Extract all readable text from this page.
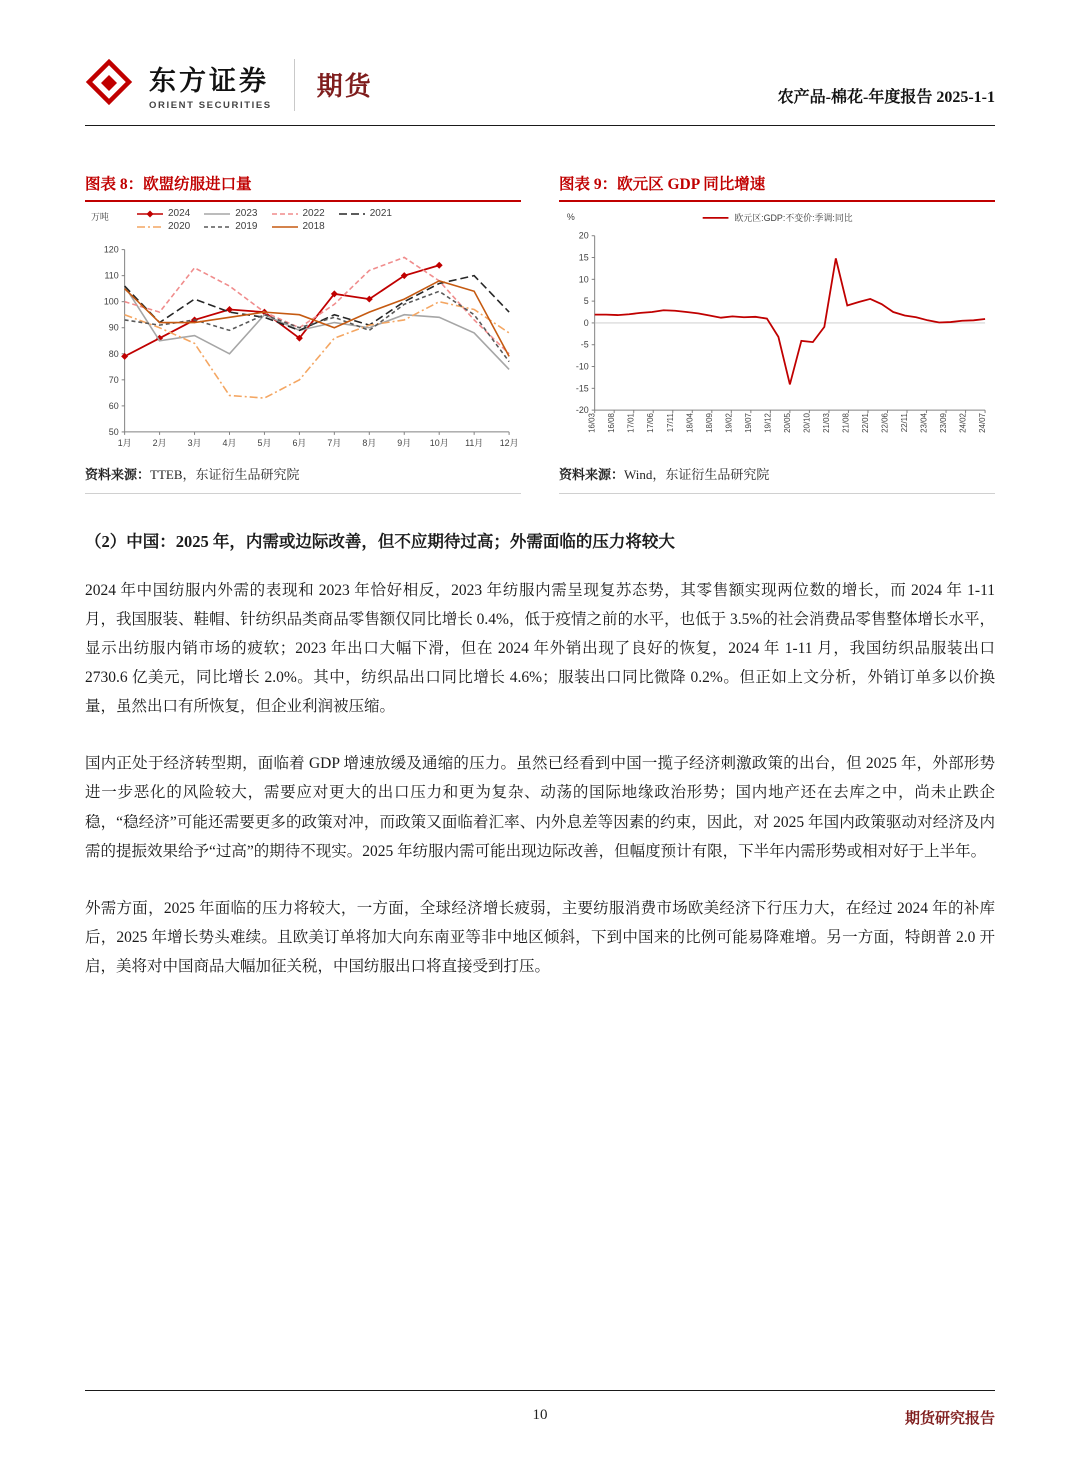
东方证券
ORIENT SECURITIES
期货	农产品-棉花-年度报告 2025-1-1
图表 8：欧盟纺服进口量
50
60
70
80
90
100
110
120
1月 2月 3月 4月 5月 6月 7月 8月 9月 10月 11月 12月
万吨	2024	2023	2022	2021
2020	2019	2018
资料来源：TTEB，东证衍生品研究院
图表 9：欧元区 GDP 同比增速
-20
-15
-10
-5
0
5
10
15
20
%
16/03 16/08 17/01 17/06 17/11 18/04 18/09 19/02 19/07 19/12 20/05 20/10 21/03 21/08 22/01 22/06 22/11 23/04 23/09 24/02 24/07
欧元区:GDP:不变价:季调:同比
资料来源：Wind，东证衍生品研究院
（2）中国：2025 年，内需或边际改善，但不应期待过高；外需面临的压力将较大

2024 年中国纺服内外需的表现和 2023 年恰好相反，2023 年纺服内需呈现复苏态势，其零售额实现两位数的增长，而 2024 年 1-11 月，我国服装、鞋帽、针纺织品类商品零售额仅同比增长 0.4%，低于疫情之前的水平，也低于 3.5%的社会消费品零售整体增长水平，显示出纺服内销市场的疲软；2023 年出口大幅下滑，但在 2024 年外销出现了良好的恢复，2024 年 1-11 月，我国纺织品服装出口 2730.6 亿美元，同比增长 2.0%。其中，纺织品出口同比增长 4.6%；服装出口同比微降 0.2%。但正如上文分析，外销订单多以价换量，虽然出口有所恢复，但企业利润被压缩。

国内正处于经济转型期，面临着 GDP 增速放缓及通缩的压力。虽然已经看到中国一揽子经济刺激政策的出台，但 2025 年，外部形势进一步恶化的风险较大，需要应对更大的出口压力和更为复杂、动荡的国际地缘政治形势；国内地产还在去库之中，尚未止跌企稳，“稳经济”可能还需要更多的政策对冲，而政策又面临着汇率、内外息差等因素的约束，因此，对 2025 年国内政策驱动对经济及内需的提振效果给予“过高”的期待不现实。2025 年纺服内需可能出现边际改善，但幅度预计有限，下半年内需形势或相对好于上半年。

外需方面，2025 年面临的压力将较大，一方面，全球经济增长疲弱，主要纺服消费市场欧美经济下行压力大，在经过 2024 年的补库后，2025 年增长势头难续。且欧美订单将加大向东南亚等非中地区倾斜，下到中国来的比例可能易降难增。另一方面，特朗普 2.0 开启，美将对中国商品大幅加征关税，中国纺服出口将直接受到打压。

10	期货研究报告
